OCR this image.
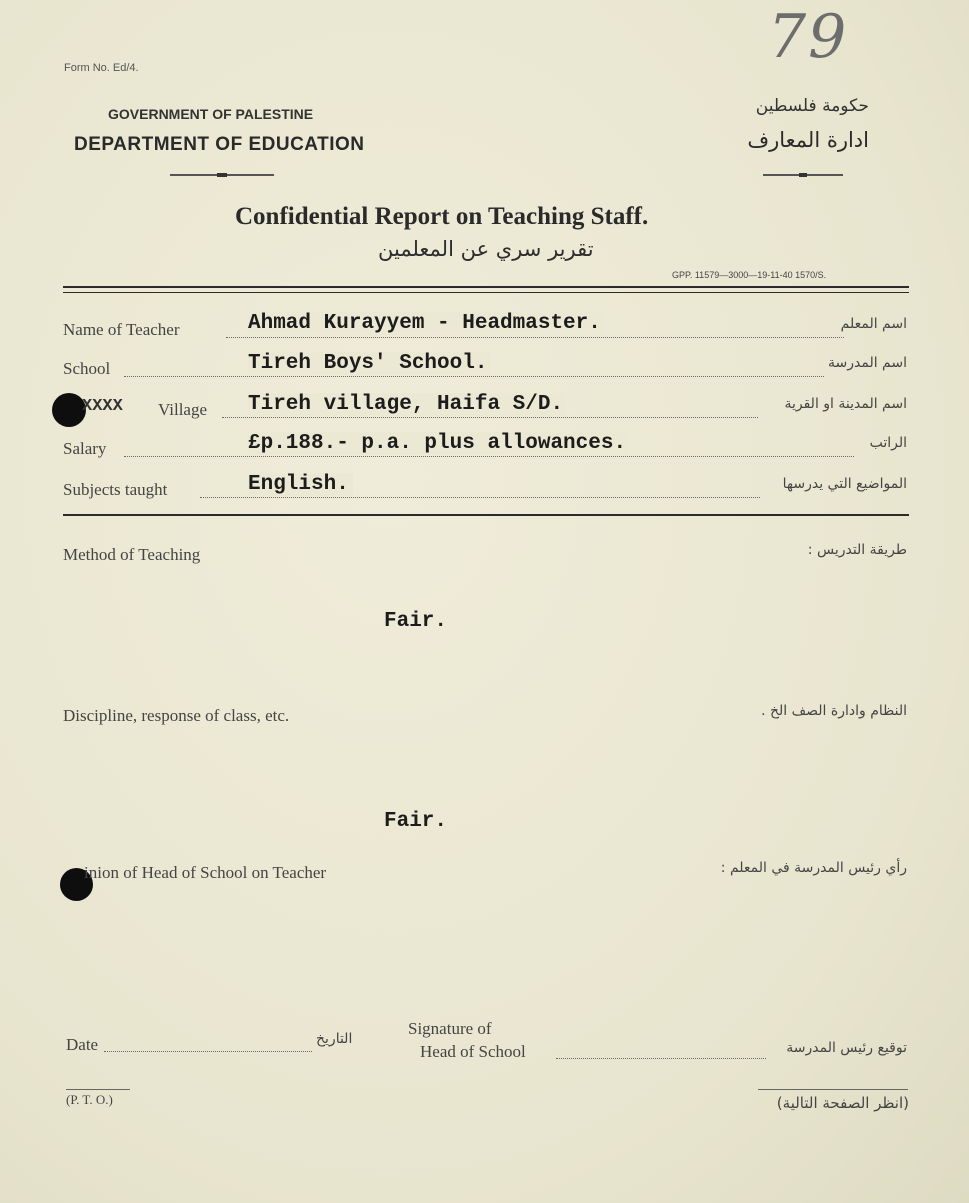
79
Form No. Ed/4.
GOVERNMENT OF PALESTINE
DEPARTMENT OF EDUCATION
حكومة فلسطين
ادارة المعارف
Confidential Report on Teaching Staff.
تقرير سري عن المعلمين
GPP. 11579—3000—19-11-40 1570/S.
Name of Teacher	Ahmad Kurayyem - Headmaster.	اسم المعلم
School	Tireh Boys' School.	اسم المدرسة
XXXX Village Tireh village, Haifa S/D.	اسم المدينة او القرية
Salary	£p.188.- p.a. plus allowances.	الراتب
Subjects taught	English.	المواضيع التي يدرسها
Method of Teaching	طريقة التدريس :
Fair.
Discipline, response of class, etc.	النظام وادارة الصف الخ .
Fair.
inion of Head of School on Teacher	رأي رئيس المدرسة في المعلم :
Date	التاريخ
Signature of
Head of School	توقيع رئيس المدرسة
(P. T. O.)	(انظر الصفحة التالية)
